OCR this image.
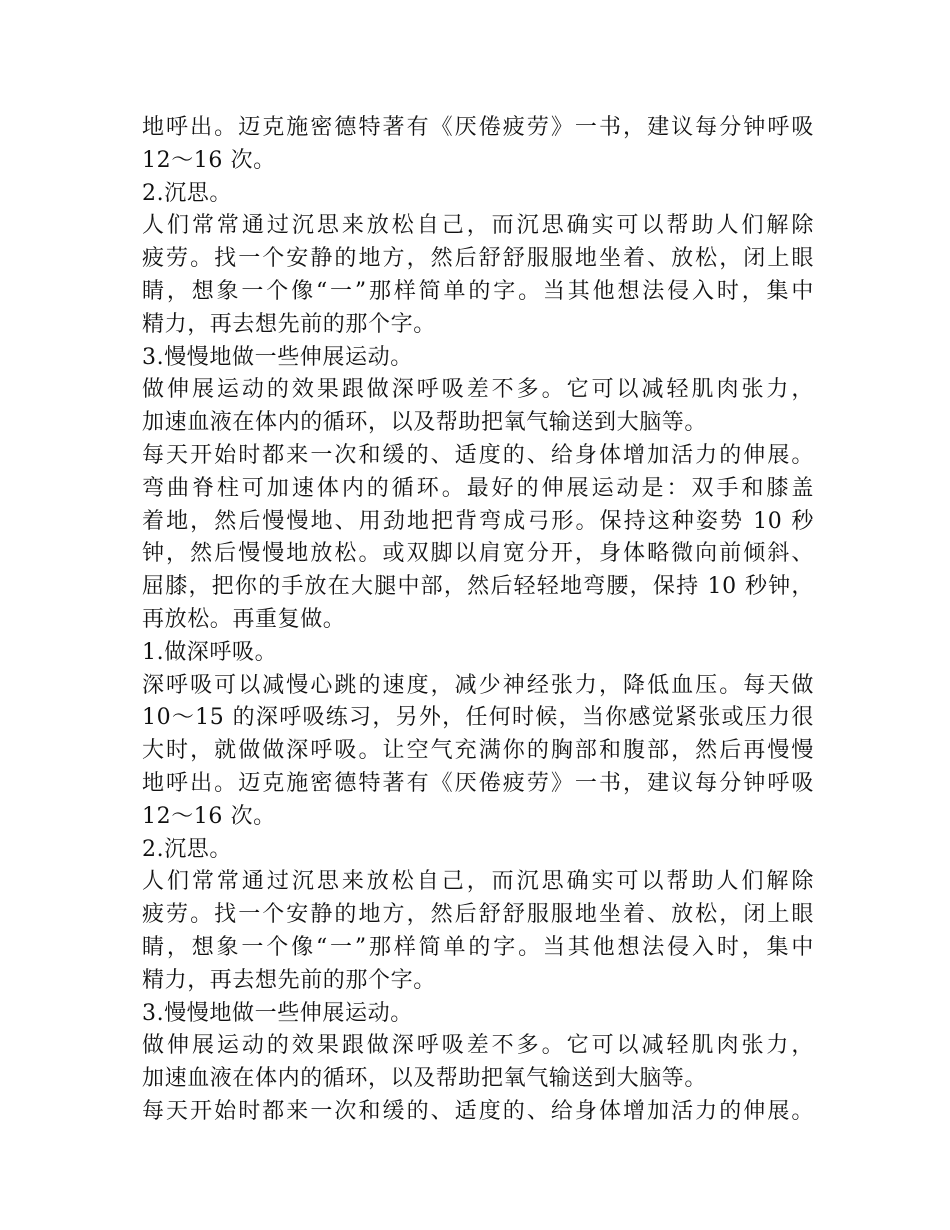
地呼出。迈克施密德特著有《厌倦疲劳》一书，建议每分钟呼吸
12～16 次。
2.沉思。
人们常常通过沉思来放松自己，而沉思确实可以帮助人们解除
疲劳。找一个安静的地方，然后舒舒服服地坐着、放松，闭上眼
睛，想象一个像“一”那样简单的字。当其他想法侵入时，集中
精力，再去想先前的那个字。
3.慢慢地做一些伸展运动。
做伸展运动的效果跟做深呼吸差不多。它可以减轻肌肉张力，
加速血液在体内的循环，以及帮助把氧气输送到大脑等。
每天开始时都来一次和缓的、适度的、给身体增加活力的伸展。
弯曲脊柱可加速体内的循环。最好的伸展运动是：双手和膝盖
着地，然后慢慢地、用劲地把背弯成弓形。保持这种姿势 10 秒
钟，然后慢慢地放松。或双脚以肩宽分开，身体略微向前倾斜、
屈膝，把你的手放在大腿中部，然后轻轻地弯腰，保持 10 秒钟，
再放松。再重复做。
1.做深呼吸。
深呼吸可以减慢心跳的速度，减少神经张力，降低血压。每天做
10～15 的深呼吸练习，另外，任何时候，当你感觉紧张或压力很
大时，就做做深呼吸。让空气充满你的胸部和腹部，然后再慢慢
地呼出。迈克施密德特著有《厌倦疲劳》一书，建议每分钟呼吸
12～16 次。
2.沉思。
人们常常通过沉思来放松自己，而沉思确实可以帮助人们解除
疲劳。找一个安静的地方，然后舒舒服服地坐着、放松，闭上眼
睛，想象一个像“一”那样简单的字。当其他想法侵入时，集中
精力，再去想先前的那个字。
3.慢慢地做一些伸展运动。
做伸展运动的效果跟做深呼吸差不多。它可以减轻肌肉张力，
加速血液在体内的循环，以及帮助把氧气输送到大脑等。
每天开始时都来一次和缓的、适度的、给身体增加活力的伸展。
